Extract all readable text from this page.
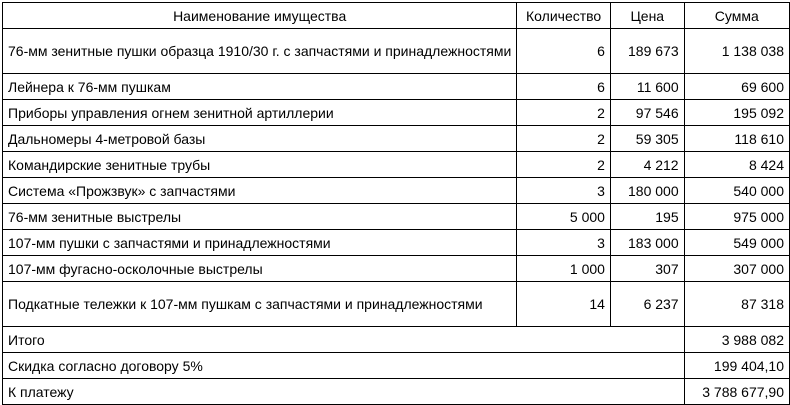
Наименование имущества	Количество	Цена	Сумма
76-мм зенитные пушки образца 1910/30 г. с запчастями и принадлежностями	6	189 673	1 138 038
Лейнера к 76-мм пушкам	6	11 600	69 600
Приборы управления огнем зенитной артиллерии	2	97 546	195 092
Дальномеры 4-метровой базы	2	59 305	118 610
Командирские зенитные трубы	2	4 212	8 424
Система «Прожзвук» с запчастями	3	180 000	540 000
76-мм зенитные выстрелы	5 000	195	975 000
107-мм пушки с запчастями и принадлежностями	3	183 000	549 000
107-мм фугасно-осколочные выстрелы	1 000	307	307 000
Подкатные тележки к 107-мм пушкам с запчастями и принадлежностями	14	6 237	87 318
Итого			3 988 082
Скидка согласно договору 5%			199 404,10
К платежу			3 788 677,90
